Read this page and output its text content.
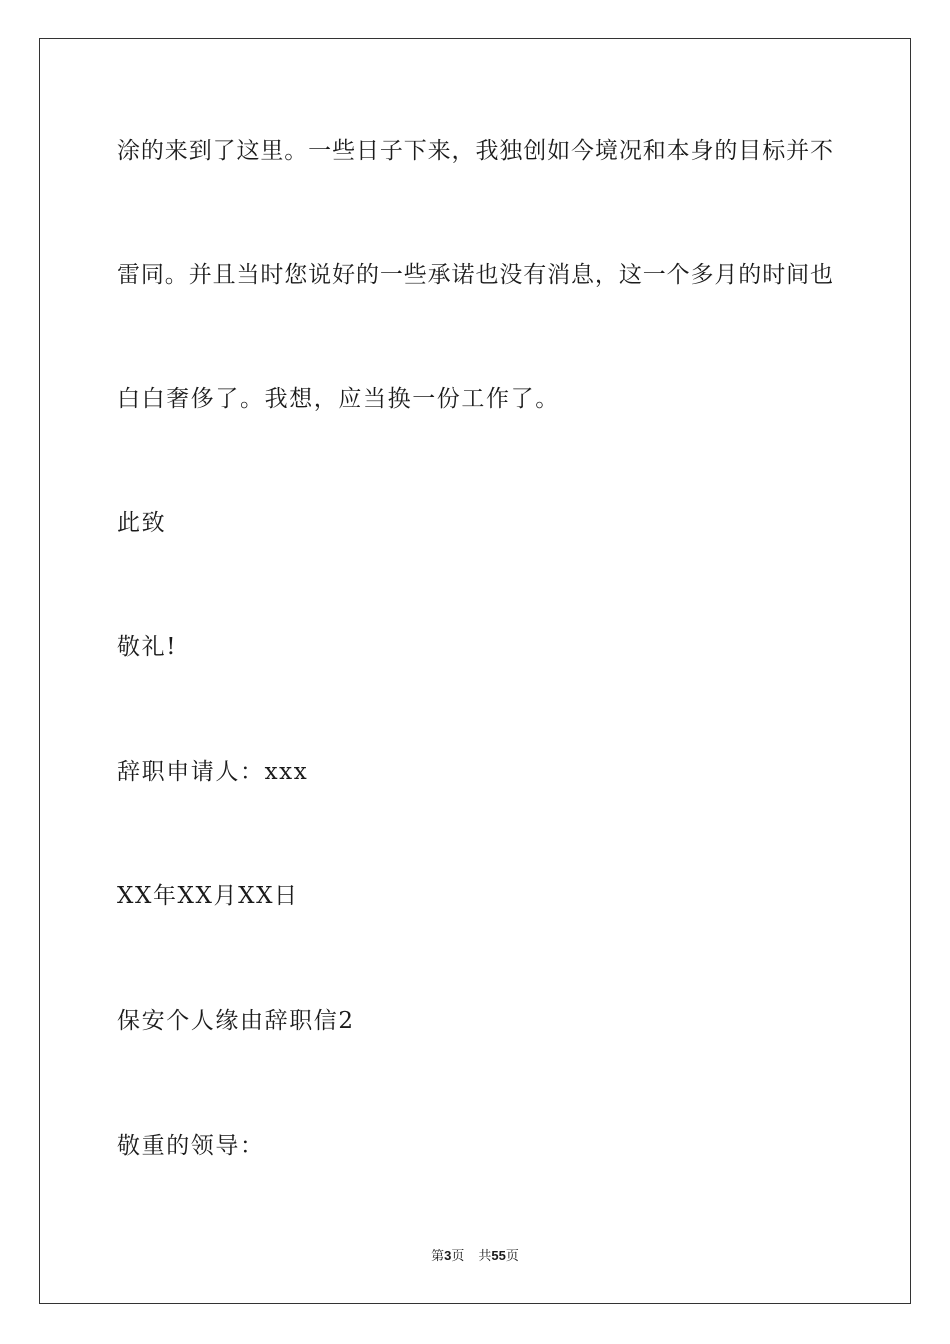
涂的来到了这里。一些日子下来，我独创如今境况和本身的目标并不
雷同。并且当时您说好的一些承诺也没有消息，这一个多月的时间也
白白奢侈了。我想，应当换一份工作了。
此致
敬礼!
辞职申请人：xxx
XX年XX月XX日
保安个人缘由辞职信2
敬重的领导：
第3页 共55页
